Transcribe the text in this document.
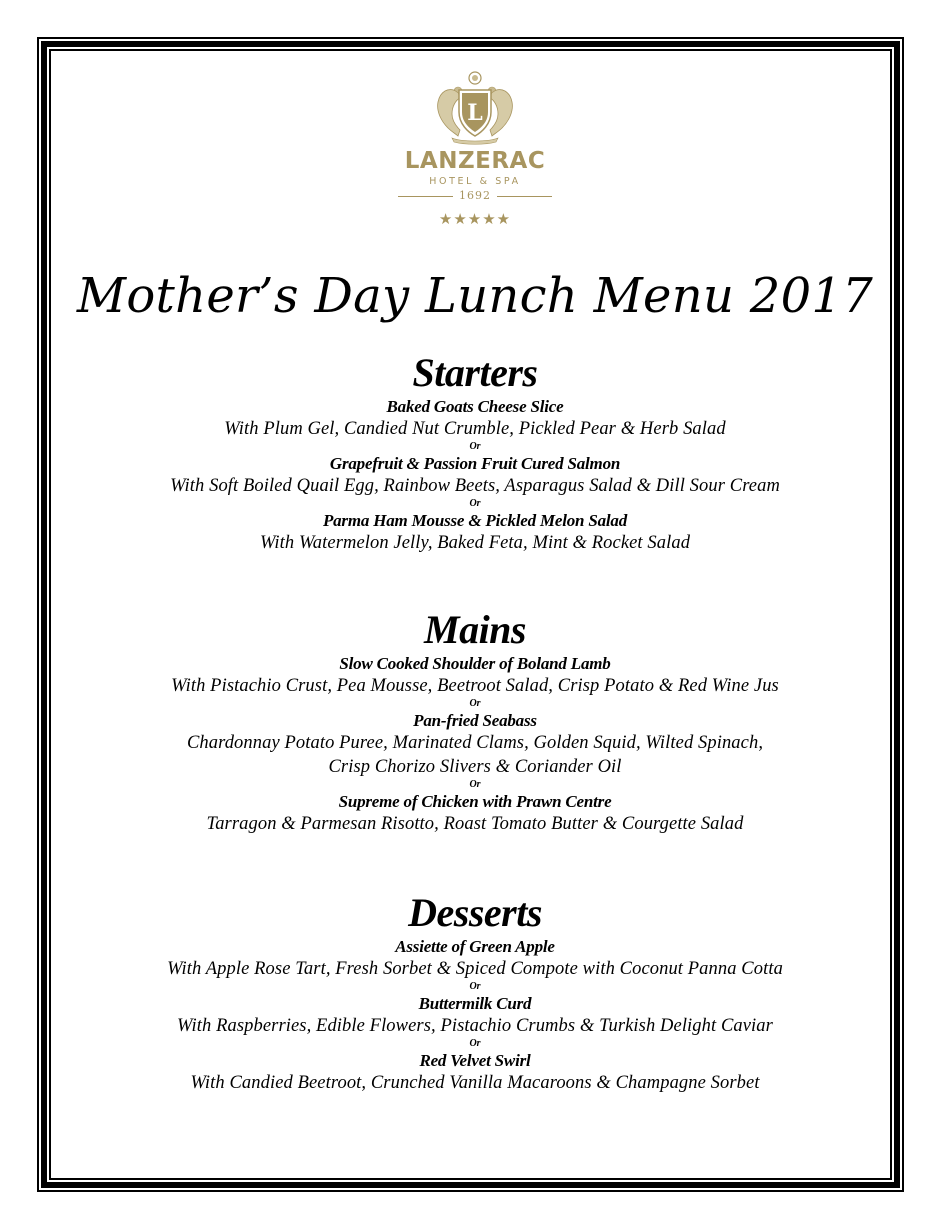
L
LANZERAC
HOTEL & SPA
1692
★★★★★
Mother’s Day Lunch Menu 2017
Starters
Baked Goats Cheese Slice
With Plum Gel, Candied Nut Crumble, Pickled Pear & Herb Salad
Or
Grapefruit & Passion Fruit Cured Salmon
With Soft Boiled Quail Egg, Rainbow Beets, Asparagus Salad & Dill Sour Cream
Or
Parma Ham Mousse & Pickled Melon Salad
With Watermelon Jelly, Baked Feta, Mint & Rocket Salad
Mains
Slow Cooked Shoulder of Boland Lamb
With Pistachio Crust, Pea Mousse, Beetroot Salad, Crisp Potato & Red Wine Jus
Or
Pan-fried Seabass
Chardonnay Potato Puree, Marinated Clams, Golden Squid, Wilted Spinach,
Crisp Chorizo Slivers & Coriander Oil
Or
Supreme of Chicken with Prawn Centre
Tarragon & Parmesan Risotto, Roast Tomato Butter & Courgette Salad
Desserts
Assiette of Green Apple
With Apple Rose Tart, Fresh Sorbet & Spiced Compote with Coconut Panna Cotta
Or
Buttermilk Curd
With Raspberries, Edible Flowers, Pistachio Crumbs & Turkish Delight Caviar
Or
Red Velvet Swirl
With Candied Beetroot, Crunched Vanilla Macaroons & Champagne Sorbet
